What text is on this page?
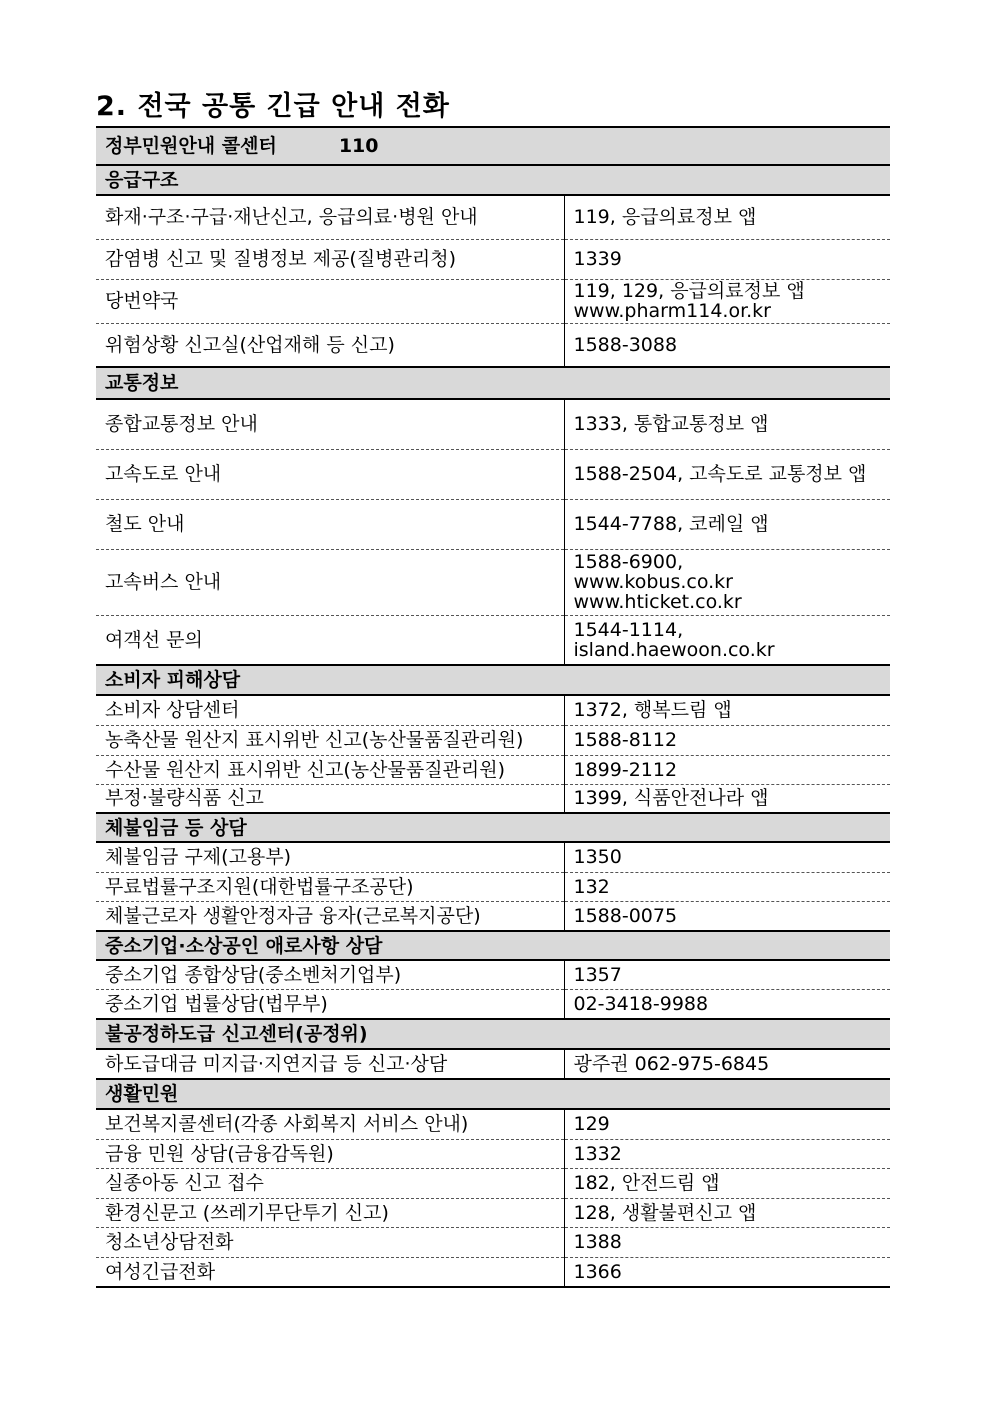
2. 전국 공통 긴급 안내 전화
정부민원안내 콜센터 110	
응급구조	
화재·구조·구급·재난신고, 응급의료·병원 안내	119, 응급의료정보 앱

감염병 신고 및 질병정보 제공(질병관리청)	1339

당번약국	119, 129, 응급의료정보 앱
www.pharm114.or.kr

위험상황 신고실(산업재해 등 신고)	1588-3088

교통정보	
종합교통정보 안내	1333, 통합교통정보 앱

고속도로 안내	1588-2504, 고속도로 교통정보 앱

철도 안내	1544-7788, 코레일 앱

고속버스 안내	1588-6900,
www.kobus.co.kr
www.hticket.co.kr

여객선 문의	1544-1114,
island.haewoon.co.kr

소비자 피해상담	
소비자 상담센터	1372, 행복드림 앱

농축산물 원산지 표시위반 신고(농산물품질관리원)	1588-8112

수산물 원산지 표시위반 신고(농산물품질관리원)	1899-2112

부정·불량식품 신고	1399, 식품안전나라 앱

체불임금 등 상담	
체불임금 구제(고용부)	1350

무료법률구조지원(대한법률구조공단)	132

체불근로자 생활안정자금 융자(근로복지공단)	1588-0075

중소기업·소상공인 애로사항 상담	
중소기업 종합상담(중소벤처기업부)	1357

중소기업 법률상담(법무부)	02-3418-9988

불공정하도급 신고센터(공정위)	
하도급대금 미지급·지연지급 등 신고·상담	광주권 062-975-6845

생활민원	
보건복지콜센터(각종 사회복지 서비스 안내)	129

금융 민원 상담(금융감독원)	1332

실종아동 신고 접수	182, 안전드림 앱

환경신문고 (쓰레기무단투기 신고)	128, 생활불편신고 앱

청소년상담전화	1388

여성긴급전화	1366
